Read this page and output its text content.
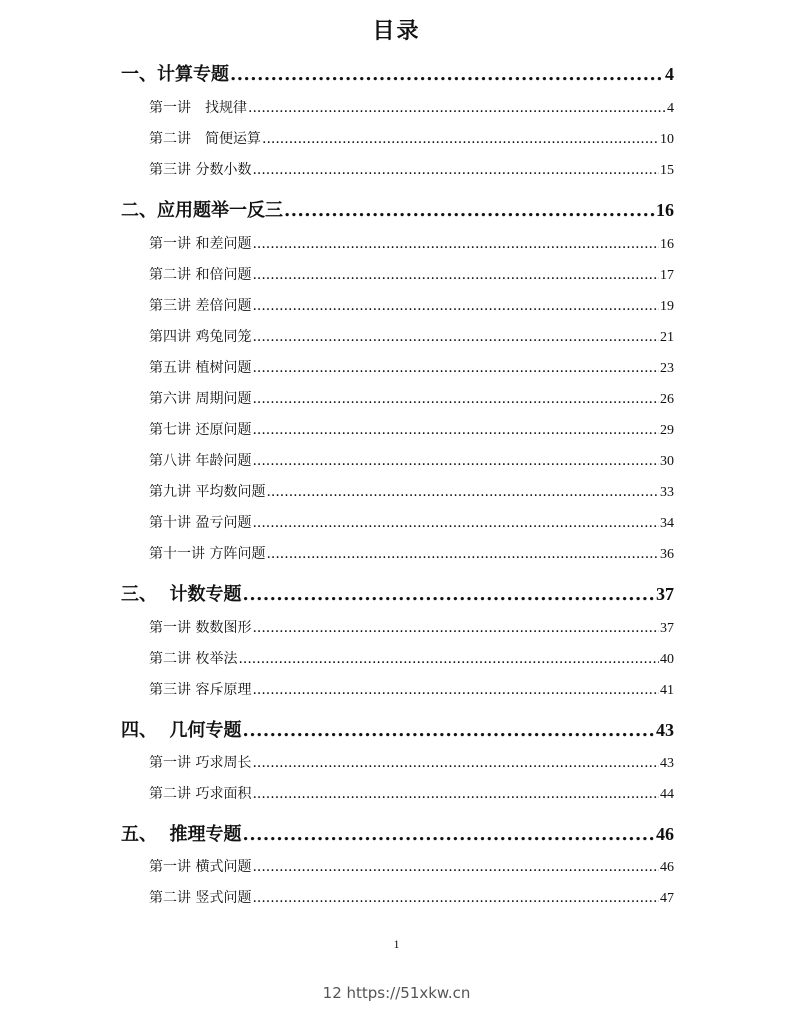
目录
一、计算专题 .....	4
第一讲　找规律 .....	4
第二讲　简便运算 .....	10
第三讲 分数小数 .....	15
二、应用题举一反三 .....	16
第一讲 和差问题 .....	16
第二讲 和倍问题 .....	17
第三讲 差倍问题 .....	19
第四讲 鸡兔同笼 .....	21
第五讲 植树问题 .....	23
第六讲 周期问题 .....	26
第七讲 还原问题 .....	29
第八讲 年龄问题 .....	30
第九讲 平均数问题 .....	33
第十讲 盈亏问题 .....	34
第十一讲 方阵问题 .....	36
三、  计数专题 .....	37
第一讲 数数图形 .....	37
第二讲 枚举法 .....	40
第三讲 容斥原理 .....	41
四、  几何专题 .....	43
第一讲 巧求周长 .....	43
第二讲 巧求面积 .....	44
五、  推理专题 .....	46
第一讲 横式问题 .....	46
第二讲 竖式问题 .....	47
1
12 https://51xkw.cn
